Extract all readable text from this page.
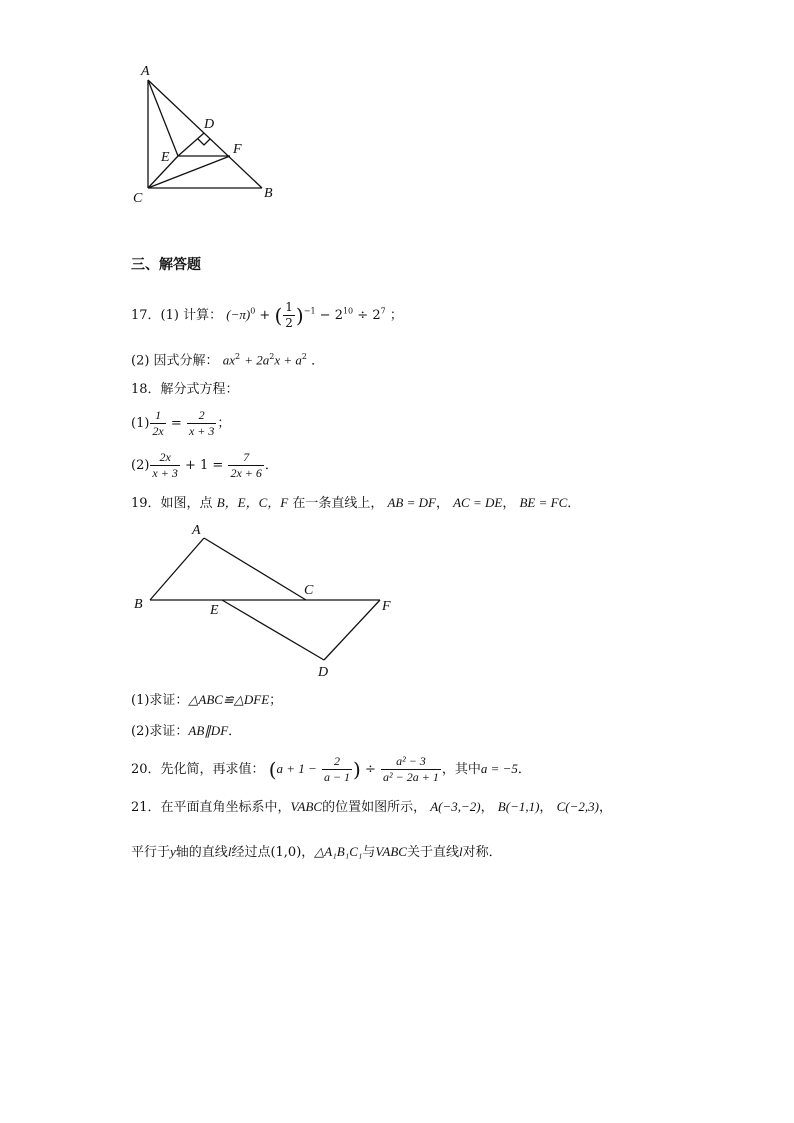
A
D
E
F
C	B
三、解答题
17．(1) 计算： $(-\pi)^0$ + ( $\frac{1}{2} )^{-1} - 2^{10} \div 2^7$ ；
(2) 因式分解： $ax^2 + 2a^2x + a^2$ ．
18．解分式方程：
$(1) \frac{1}{2x} = \frac{2}{x + 3}$ ；
$(2) \frac{2x}{x + 3} + 1 = \frac{7}{2x + 6}$ ．
19．如图，点 B，E，C，F 在一条直线上， AB = DF， AC = DE， BE = FC．
A
B
C
E	F
D
(1)求证：△ABC≌△DFE；
(2)求证：AB∥DF．
20．先化简，再求值： ($a + 1 - \frac{2}{a - 1}$ ) ÷ $\frac{\text{a² − 3}}{\text{a² − 2a + 1}}$ ，其中a = −5．
21．在平面直角坐标系中，VABC的位置如图所示， A(−3,−2)， B(−1,1)， C(−2,3)，
平行于y轴的直线l经过点(1,0)，△A₁B₁C₁与VABC关于直线l对称．
